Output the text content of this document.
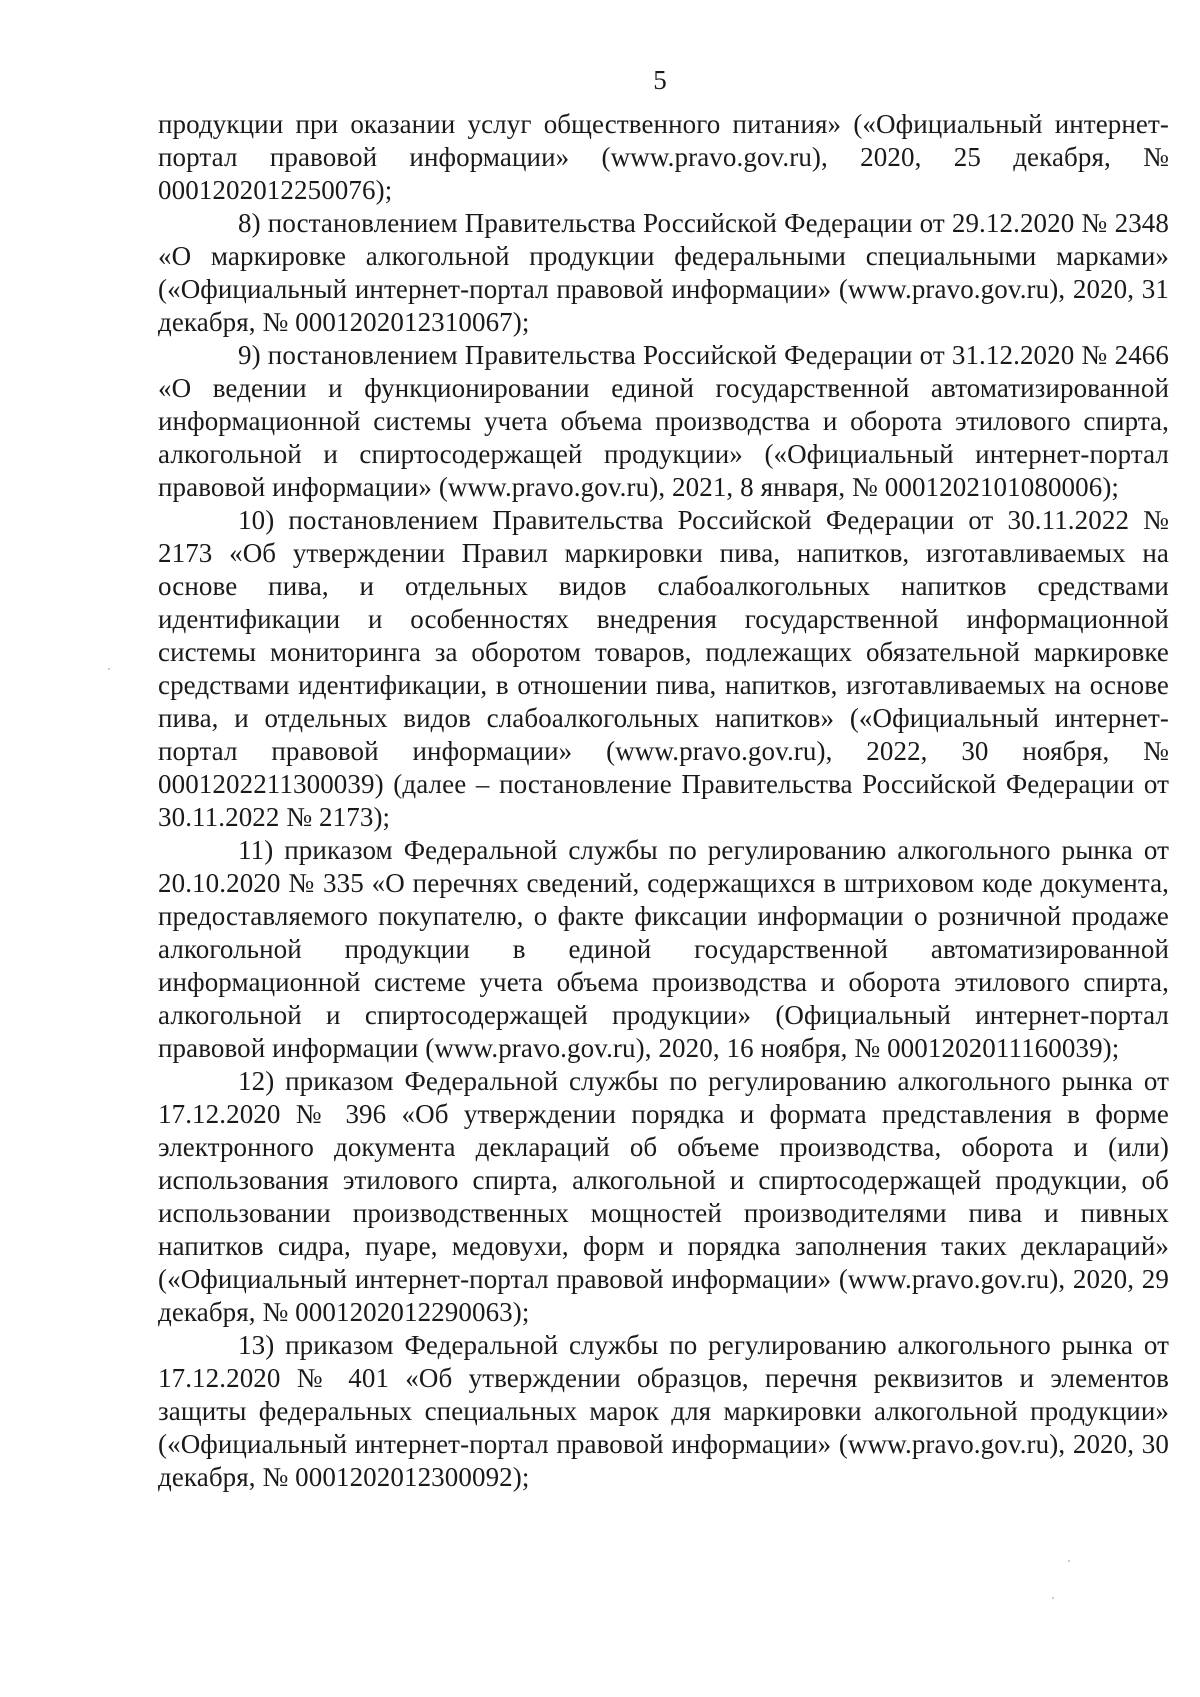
5

продукции при оказании услуг общественного питания» («Официальный интернет-портал правовой информации» (www.pravo.gov.ru), 2020, 25 декабря, № 0001202012250076);

8) постановлением Правительства Российской Федерации от 29.12.2020 № 2348 «О маркировке алкогольной продукции федеральными специальными марками» («Официальный интернет-портал правовой информации» (www.pravo.gov.ru), 2020, 31 декабря, № 0001202012310067);

9) постановлением Правительства Российской Федерации от 31.12.2020 № 2466 «О ведении и функционировании единой государственной автоматизированной информационной системы учета объема производства и оборота этилового спирта, алкогольной и спиртосодержащей продукции» («Официальный интернет-портал правовой информации» (www.pravo.gov.ru), 2021, 8 января, № 0001202101080006);

10) постановлением Правительства Российской Федерации от 30.11.2022 № 2173 «Об утверждении Правил маркировки пива, напитков, изготавливаемых на основе пива, и отдельных видов слабоалкогольных напитков средствами идентификации и особенностях внедрения государственной информационной системы мониторинга за оборотом товаров, подлежащих обязательной маркировке средствами идентификации, в отношении пива, напитков, изготавливаемых на основе пива, и отдельных видов слабоалкогольных напитков» («Официальный интернет-портал правовой информации» (www.pravo.gov.ru), 2022, 30 ноября, № 0001202211300039) (далее – постановление Правительства Российской Федерации от 30.11.2022 № 2173);

11) приказом Федеральной службы по регулированию алкогольного рынка от 20.10.2020 № 335 «О перечнях сведений, содержащихся в штриховом коде документа, предоставляемого покупателю, о факте фиксации информации о розничной продаже алкогольной продукции в единой государственной автоматизированной информационной системе учета объема производства и оборота этилового спирта, алкогольной и спиртосодержащей продукции» (Официальный интернет-портал правовой информации (www.pravo.gov.ru), 2020, 16 ноября, № 0001202011160039);

12) приказом Федеральной службы по регулированию алкогольного рынка от 17.12.2020 № 396 «Об утверждении порядка и формата представления в форме электронного документа деклараций об объеме производства, оборота и (или) использования этилового спирта, алкогольной и спиртосодержащей продукции, об использовании производственных мощностей производителями пива и пивных напитков сидра, пуаре, медовухи, форм и порядка заполнения таких деклараций» («Официальный интернет-портал правовой информации» (www.pravo.gov.ru), 2020, 29 декабря, № 0001202012290063);

13) приказом Федеральной службы по регулированию алкогольного рынка от 17.12.2020 № 401 «Об утверждении образцов, перечня реквизитов и элементов защиты федеральных специальных марок для маркировки алкогольной продукции» («Официальный интернет-портал правовой информации» (www.pravo.gov.ru), 2020, 30 декабря, № 0001202012300092);
